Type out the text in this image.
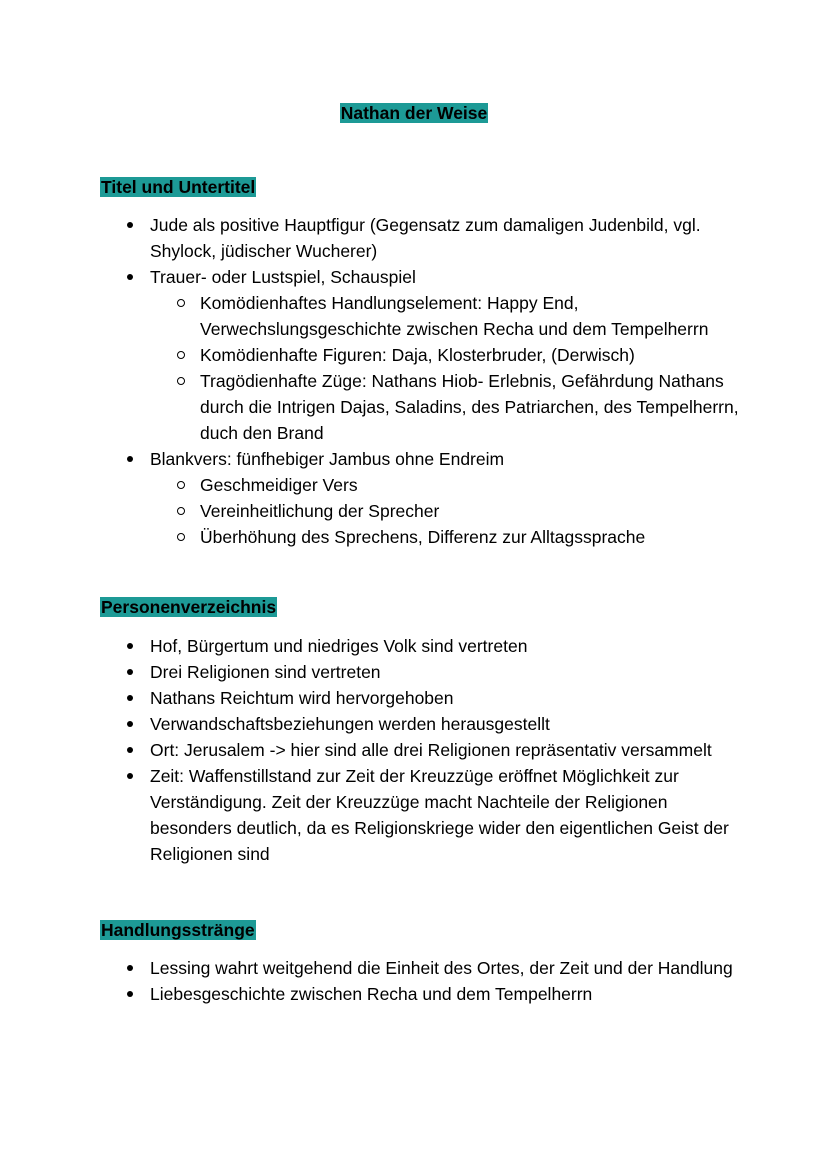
Nathan der Weise
Titel und Untertitel
Jude als positive Hauptfigur (Gegensatz zum damaligen Judenbild, vgl. Shylock, jüdischer Wucherer)
Trauer- oder Lustspiel, Schauspiel
Komödienhaftes Handlungselement: Happy End, Verwechslungsgeschichte zwischen Recha und dem Tempelherrn
Komödienhafte Figuren: Daja, Klosterbruder, (Derwisch)
Tragödienhafte Züge: Nathans Hiob- Erlebnis, Gefährdung Nathans durch die Intrigen Dajas, Saladins, des Patriarchen, des Tempelherrn, duch den Brand
Blankvers: fünfhebiger Jambus ohne Endreim
Geschmeidiger Vers
Vereinheitlichung der Sprecher
Überhöhung des Sprechens, Differenz zur Alltagssprache
Personenverzeichnis
Hof, Bürgertum und niedriges Volk sind vertreten
Drei Religionen sind vertreten
Nathans Reichtum wird hervorgehoben
Verwandschaftsbeziehungen werden herausgestellt
Ort: Jerusalem -> hier sind alle drei Religionen repräsentativ versammelt
Zeit: Waffenstillstand zur Zeit der Kreuzzüge eröffnet Möglichkeit zur Verständigung. Zeit der Kreuzzüge macht Nachteile der Religionen besonders deutlich, da es Religionskriege wider den eigentlichen Geist der Religionen sind
Handlungsstränge
Lessing wahrt weitgehend die Einheit des Ortes, der Zeit und der Handlung
Liebesgeschichte zwischen Recha und dem Tempelherrn
